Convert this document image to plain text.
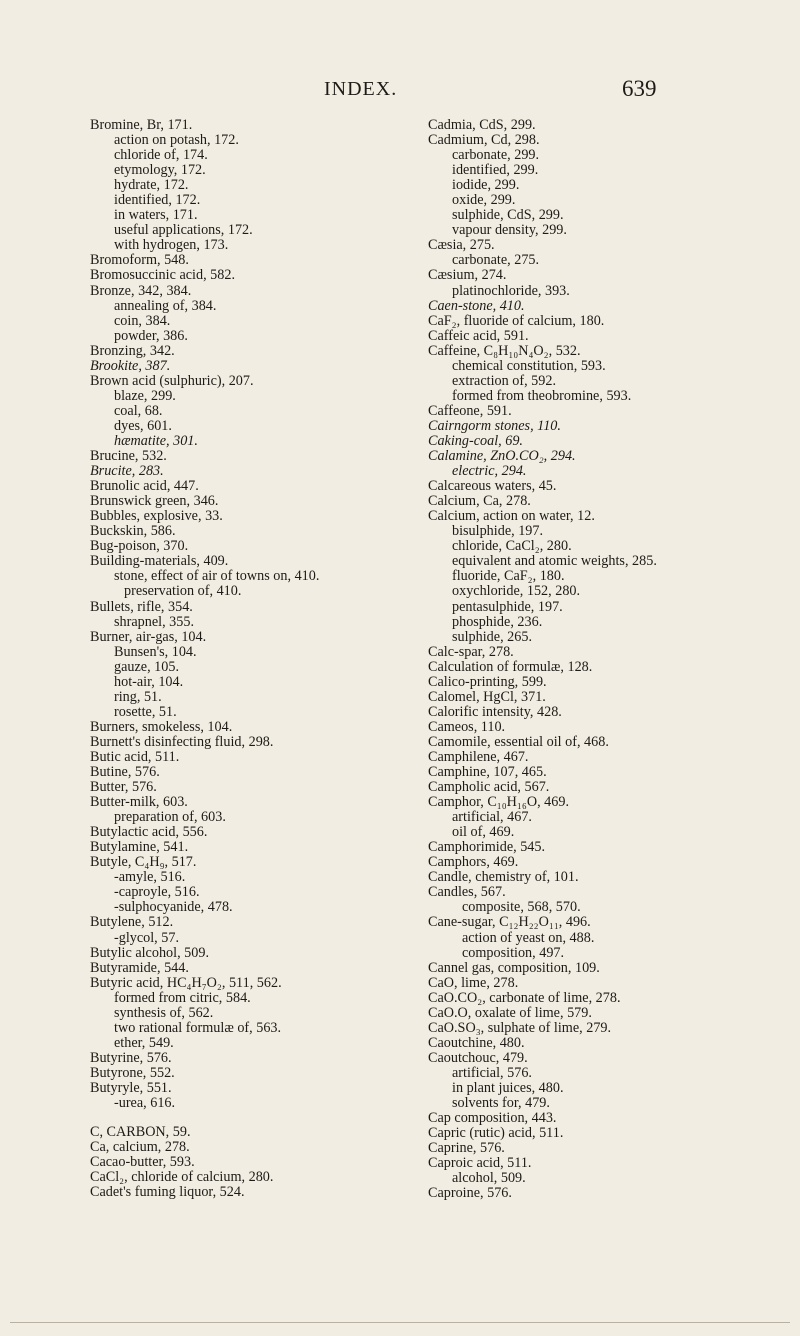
INDEX.	639
Bromine, Br, 171.
action on potash, 172.
chloride of, 174.
etymology, 172.
hydrate, 172.
identified, 172.
in waters, 171.
useful applications, 172.
with hydrogen, 173.
Bromoform, 548.
Bromosuccinic acid, 582.
Bronze, 342, 384.
annealing of, 384.
coin, 384.
powder, 386.
Bronzing, 342.
Brookite, 387.
Brown acid (sulphuric), 207.
blaze, 299.
coal, 68.
dyes, 601.
hæmatite, 301.
Brucine, 532.
Brucite, 283.
Brunolic acid, 447.
Brunswick green, 346.
Bubbles, explosive, 33.
Buckskin, 586.
Bug-poison, 370.
Building-materials, 409.
stone, effect of air of towns on, 410.
preservation of, 410.
Bullets, rifle, 354.
shrapnel, 355.
Burner, air-gas, 104.
Bunsen's, 104.
gauze, 105.
hot-air, 104.
ring, 51.
rosette, 51.
Burners, smokeless, 104.
Burnett's disinfecting fluid, 298.
Butic acid, 511.
Butine, 576.
Butter, 576.
Butter-milk, 603.
preparation of, 603.
Butylactic acid, 556.
Butylamine, 541.
Butyle, C₄H₉, 517.
-amyle, 516.
-caproyle, 516.
-sulphocyanide, 478.
Butylene, 512.
-glycol, 57.
Butylic alcohol, 509.
Butyramide, 544.
Butyric acid, HC₄H₇O₂, 511, 562.
formed from citric, 584.
synthesis of, 562.
two rational formulæ of, 563.
ether, 549.
Butyrine, 576.
Butyrone, 552.
Butyryle, 551.
-urea, 616.
C, CARBON, 59.
Ca, calcium, 278.
Cacao-butter, 593.
CaCl₂, chloride of calcium, 280.
Cadet's fuming liquor, 524.
Cadmia, CdS, 299.
Cadmium, Cd, 298.
carbonate, 299.
identified, 299.
iodide, 299.
oxide, 299.
sulphide, CdS, 299.
vapour density, 299.
Cæsia, 275.
carbonate, 275.
Cæsium, 274.
platinochloride, 393.
Caen-stone, 410.
CaF₂, fluoride of calcium, 180.
Caffeic acid, 591.
Caffeine, C₈H₁₀N₄O₂, 532.
chemical constitution, 593.
extraction of, 592.
formed from theobromine, 593.
Caffeone, 591.
Cairngorm stones, 110.
Caking-coal, 69.
Calamine, ZnO.CO₂, 294.
electric, 294.
Calcareous waters, 45.
Calcium, Ca, 278.
Calcium, action on water, 12.
bisulphide, 197.
chloride, CaCl₂, 280.
equivalent and atomic weights, 285.
fluoride, CaF₂, 180.
oxychloride, 152, 280.
pentasulphide, 197.
phosphide, 236.
sulphide, 265.
Calc-spar, 278.
Calculation of formulæ, 128.
Calico-printing, 599.
Calomel, HgCl, 371.
Calorific intensity, 428.
Cameos, 110.
Camomile, essential oil of, 468.
Camphilene, 467.
Camphine, 107, 465.
Campholic acid, 567.
Camphor, C₁₀H₁₆O, 469.
artificial, 467.
oil of, 469.
Camphorimide, 545.
Camphors, 469.
Candle, chemistry of, 101.
Candles, 567.
composite, 568, 570.
Cane-sugar, C₁₂H₂₂O₁₁, 496.
action of yeast on, 488.
composition, 497.
Cannel gas, composition, 109.
CaO, lime, 278.
CaO.CO₂, carbonate of lime, 278.
CaO.O, oxalate of lime, 579.
CaO.SO₃, sulphate of lime, 279.
Caoutchine, 480.
Caoutchouc, 479.
artificial, 576.
in plant juices, 480.
solvents for, 479.
Cap composition, 443.
Capric (rutic) acid, 511.
Caprine, 576.
Caproic acid, 511.
alcohol, 509.
Caproine, 576.
